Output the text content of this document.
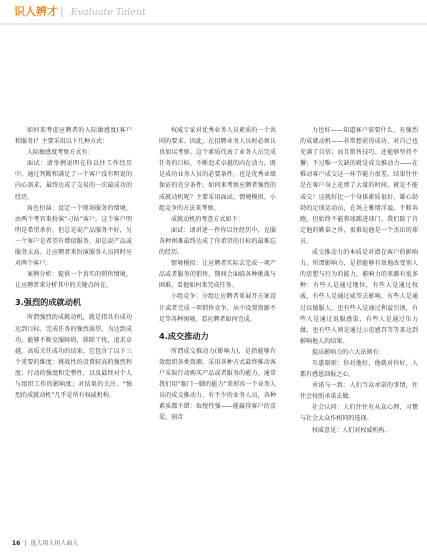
识人辨才 | Evaluate Talent

如何来考虑应聘者的人际敏感度(客户和服务)？主要采用以下几种方式：

人际敏感度考察方式有：

面试：请举例说明在你以往工作经历中，通过判断和满足了一个客户没有明说的内心需求，最终达成了交易的一次最成功的经历。

角色扮演：设定一个现场服务的情境，由两个考官来扮演“刁钻”客户。这个客户明明是希望杀价，但总是说产品服务不好，另一个客户是希望有增值服务，却总说产品或服务太高。让应聘者来扮演服务人员同时应对两个客户。

案例分析：提供一个真实的销售情境，让应聘者来分析其中的关键点何在。

3.强烈的成就动机

所谓强烈的成就动机，就是指具有成功达到目标、完成任务的强烈渴望，为达到成功，能够不断克服障碍，排除干扰，追求卓越，高质关任成功的结果。它包含了以下三个重要的维度：挑战性的设置较高的强烈程度；行动的强度和完整性，以及最终对个人与组织工作的影响度；对结果的关注。“强烈的成就动机”几乎是所有权威机构、

权威专家对优秀业务人员素质的一个共同的要求。因此，在招聘业务人员时必须认真加以考察。这个素质代表了业务人员完成任务的目标，不断追求卓越的内在动力，既是成功业务人员的必要条件，也是优秀业绩保证的充分条件。如何来考察应聘者强烈的成就动机呢？主要采用面试、情境模拟、小组竞争的方法来考察。

成就动机的考查方式如下：

面试：请讲述一件你以往经历中，克服各种困难最终达成了你希望的目标的最难忘的经历。

情境模拟：让应聘者实际去完成一项产品或者服务的销售，期间会面临各种挑战与困难，看他如何来完成任务。

小组竞争：分组让应聘者来展开方案设计或者完成一项销售竞争，从中设置资源不足等各种困境，看应聘者如何完成。

4.成交推动力

所谓成交推动力(影响力)，是指能够有效组织各类资源，采用各种方式最终推动客户采取行动购买产品或者服务的能力。通常我们用“临门一脚的能力”来形容一个业务人员的成交推动力。有不少的业务人员，各种素质都不错：取悦性强——能赢得客户的喜爱，刻苦

力也好——知道客户需要什么、有强烈的成就动机——非常想获得成功、对自己也充满了自信；而且销售技巧、还能够坚持不懈；不过唯一欠缺的就是成交推动力——在推动客户成交这一环节能力很差。结果往往是在客户身上花费了大量的时间，就是不能成交！这就好比一个身体素质很好、雄心勃勃的足球运动员，在场上雅情洋溢、不断奔跑，但始终不能将球踢进球门。我们除了肯定他的勤奋之外，很难说他是一个杰出的球员。

成交推动力的本质是对潜在客户的影响力。所谓影响力，是指能够有效地改变别人的思想与行为的能力，影响力的来源有很多种：有些人是通过地位，有些人是通过权威，有些人是通过威望去影响，有些人是通过以德服人，也有些人是通过利益引诱，有些人是通过说服感染，有些人是通过压力做，也有些人则是通过示范感召等等来达到影响他人的结果。

提高影响力的六大法则有：

互惠原则：你对他好，他就对你好，人都有感恩回报之心。

承诺与一致：人们当众承诺的事情，往往会按照承诺去做。

社会认同：人们往往有从众心理，习惯与社会大众作相同的选择。

权威意见：人们对权威机构、

16 | 选人用人用人面人
